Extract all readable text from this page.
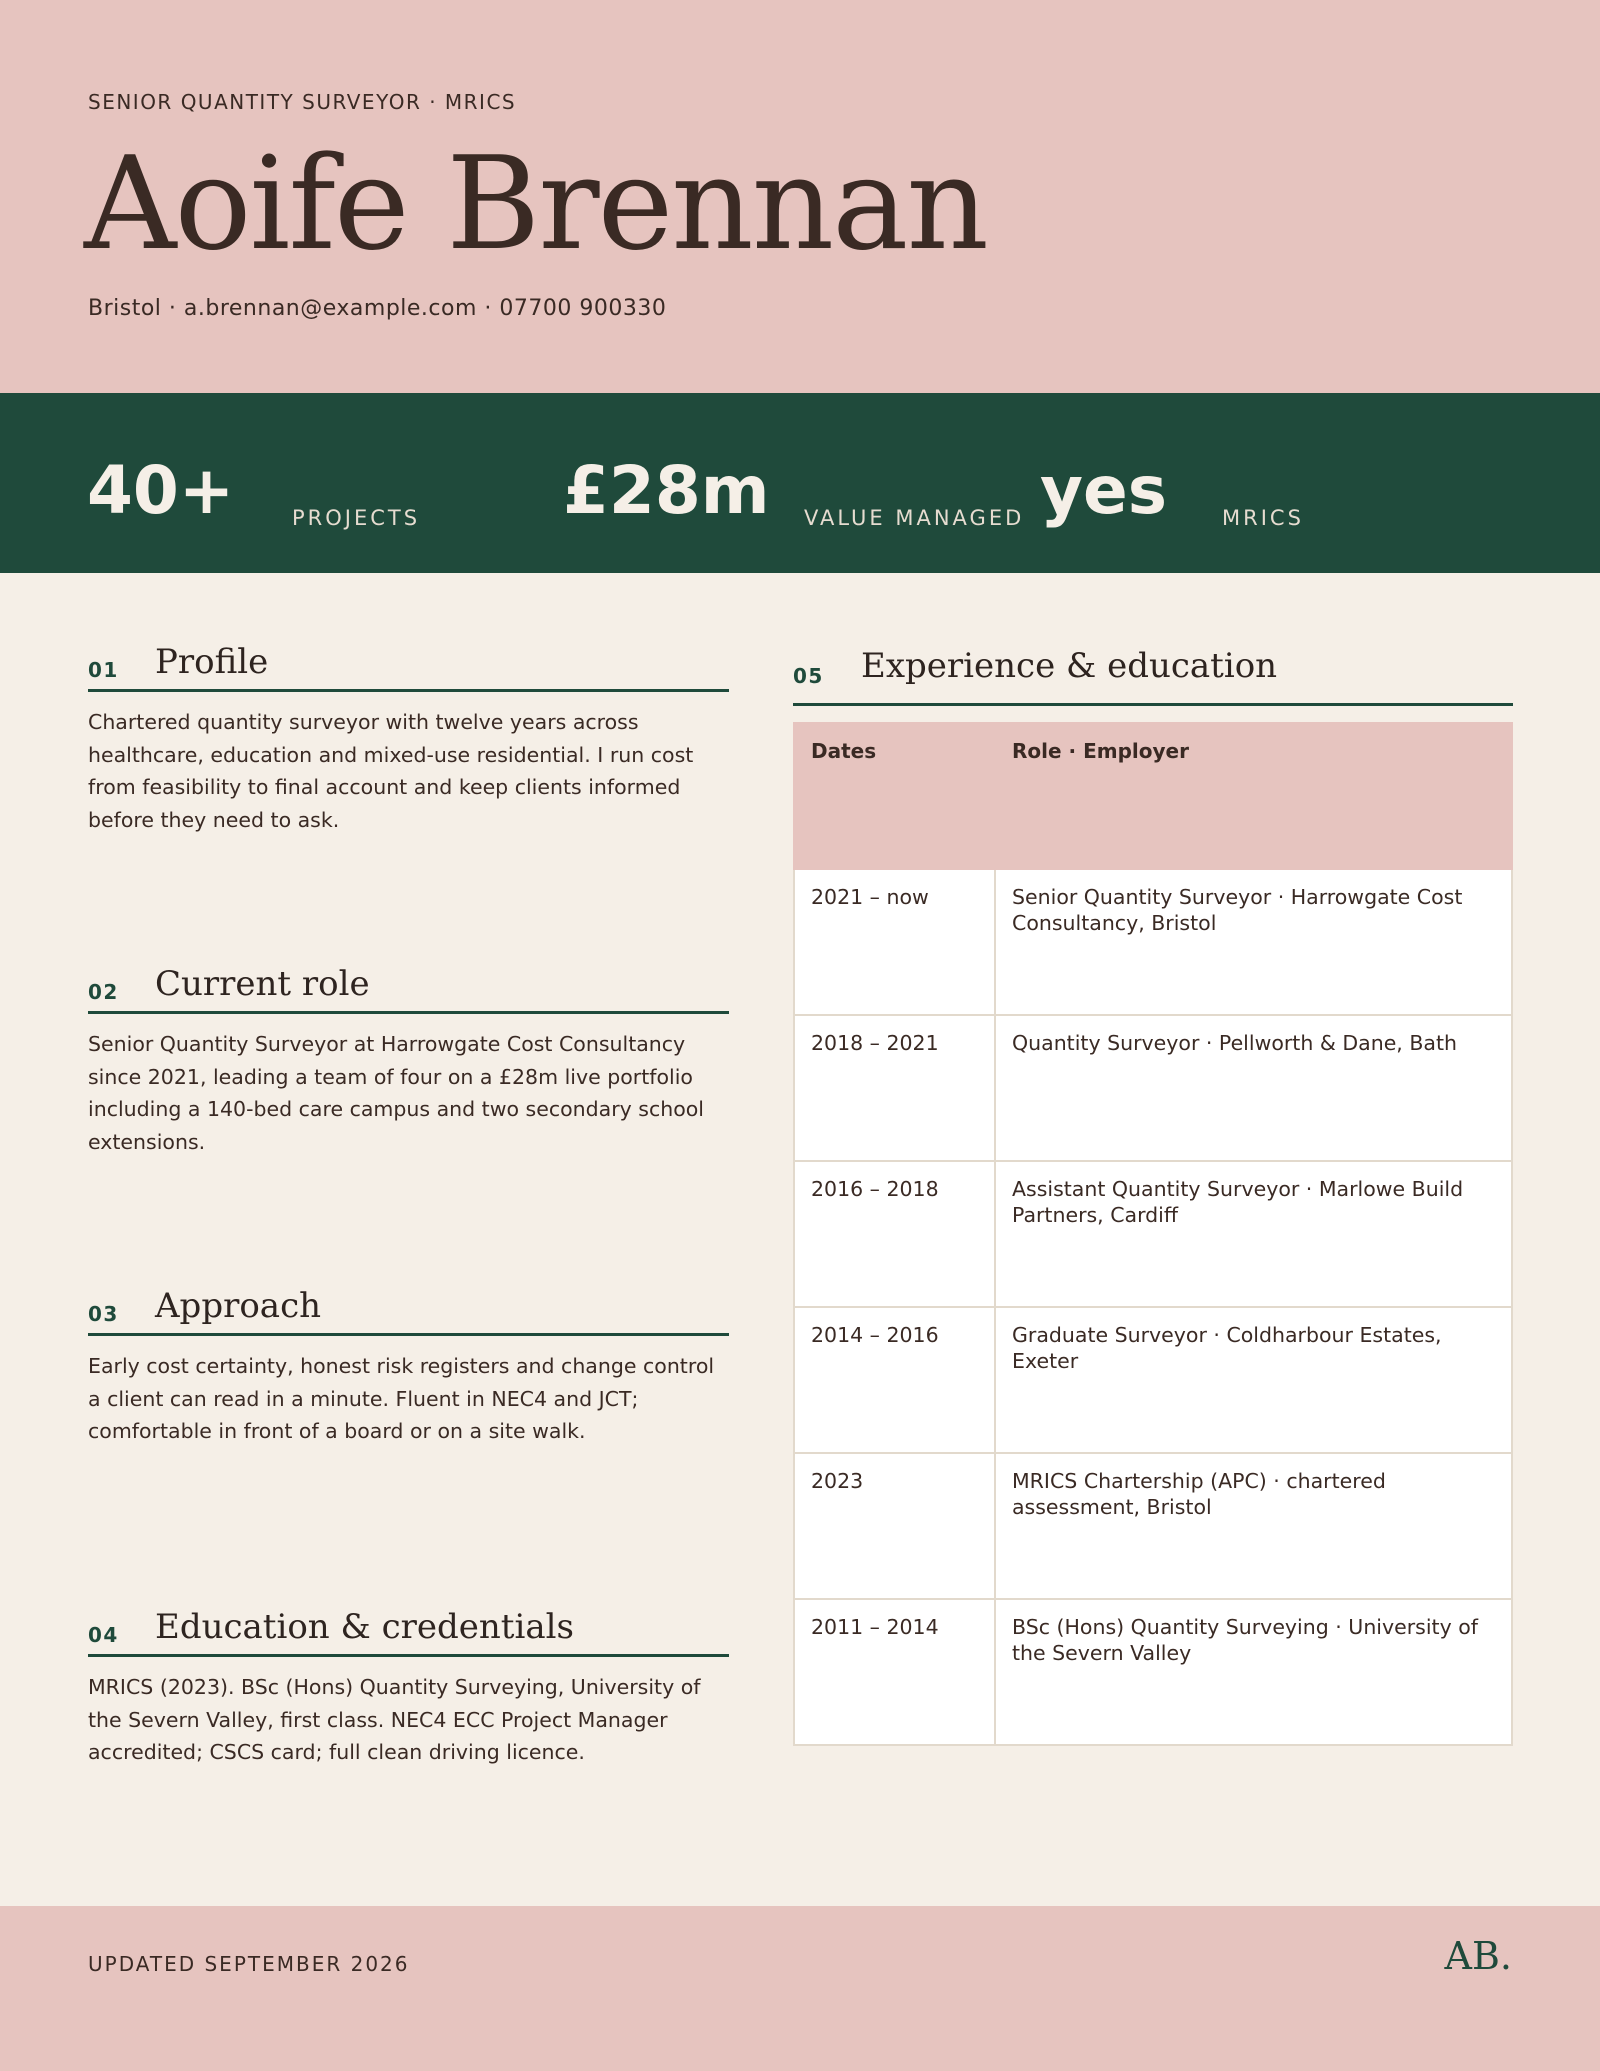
SENIOR QUANTITY SURVEYOR · MRICS
Aoife Brennan
Bristol · a.brennan@example.com · 07700 900330
40+	PROJECTS £28m VALUE MANAGED yes	MRICS
01 Profile

Chartered quantity surveyor with twelve years across healthcare, education and mixed-use residential. I run cost from feasibility to final account and keep clients informed before they need to ask.

02 Current role

Senior Quantity Surveyor at Harrowgate Cost Consultancy since 2021, leading a team of four on a £28m live portfolio including a 140-bed care campus and two secondary school extensions.

03 Approach

Early cost certainty, honest risk registers and change control a client can read in a minute. Fluent in NEC4 and JCT; comfortable in front of a board or on a site walk.

04 Education & credentials

MRICS (2023). BSc (Hons) Quantity Surveying, University of the Severn Valley, first class. NEC4 ECC Project Manager accredited; CSCS card; full clean driving licence.

05 Experience & education
Dates	Role · Employer
2021 – now	Senior Quantity Surveyor · Harrowgate Cost Consultancy, Bristol
2018 – 2021	Quantity Surveyor · Pellworth & Dane, Bath
2016 – 2018	Assistant Quantity Surveyor · Marlowe Build Partners, Cardiff
2014 – 2016	Graduate Surveyor · Coldharbour Estates, Exeter
2023	MRICS Chartership (APC) · chartered assessment, Bristol
2011 – 2014	BSc (Hons) Quantity Surveying · University of the Severn Valley
UPDATED SEPTEMBER 2026	AB.
